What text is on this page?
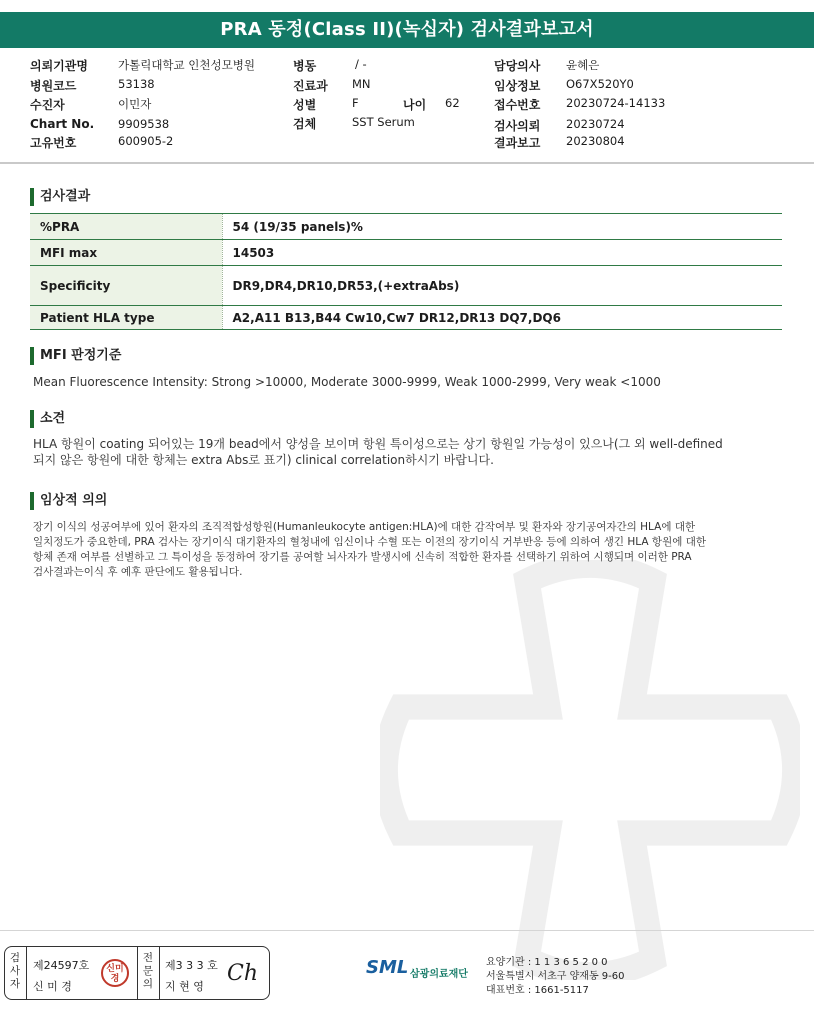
PRA 동정(Class II)(녹십자) 검사결과보고서
의뢰기관명	가톨릭대학교 인천성모병원
병원코드	53138
수진자	이민자
Chart No. 9909538
고유번호	600905-2
병동	/ -
진료과 MN
성별	F	나이 62
검체	SST Serum
담당의사 윤혜은
임상정보 O67X520Y0
접수번호 20230724-14133
검사의뢰 20230724
결과보고 20230804
검사결과
%PRA	54 (19/35 panels)%
MFI max	14503
Specificity	DR9,DR4,DR10,DR53,(+extraAbs)
Patient HLA type	A2,A11 B13,B44 Cw10,Cw7 DR12,DR13 DQ7,DQ6
MFI 판정기준
Mean Fluorescence Intensity: Strong >10000, Moderate 3000-9999, Weak 1000-2999, Very weak <1000
소견
HLA 항원이 coating 되어있는 19개 bead에서 양성을 보이며 항원 특이성으로는 상기 항원일 가능성이 있으나(그 외 well-defined
되지 않은 항원에 대한 항체는 extra Abs로 표기) clinical correlation하시기 바랍니다.
임상적 의의
장기 이식의 성공여부에 있어 환자의 조직적합성항원(Humanleukocyte antigen:HLA)에 대한 감작여부 및 환자와 장기공여자간의 HLA에 대한
일치정도가 중요한데, PRA 검사는 장기이식 대기환자의 혈청내에 임신이나 수혈 또는 이전의 장기이식 거부반응 등에 의하여 생긴 HLA 항원에 대한
항체 존재 여부를 선별하고 그 특이성을 동정하여 장기를 공여할 뇌사자가 발생시에 신속히 적합한 환자를 선택하기 위하여 시행되며 이러한 PRA
검사결과는이식 후 예후 판단에도 활용됩니다.
검사자
제24597호
신 미 경
신미경
전문의
제3 3 3 호
지 현 영
Ch	SML 삼광의료재단
요양기관 : 1 1 3 6 5 2 0 0
서울특별시 서초구 양재동 9-60
대표번호 : 1661-5117
